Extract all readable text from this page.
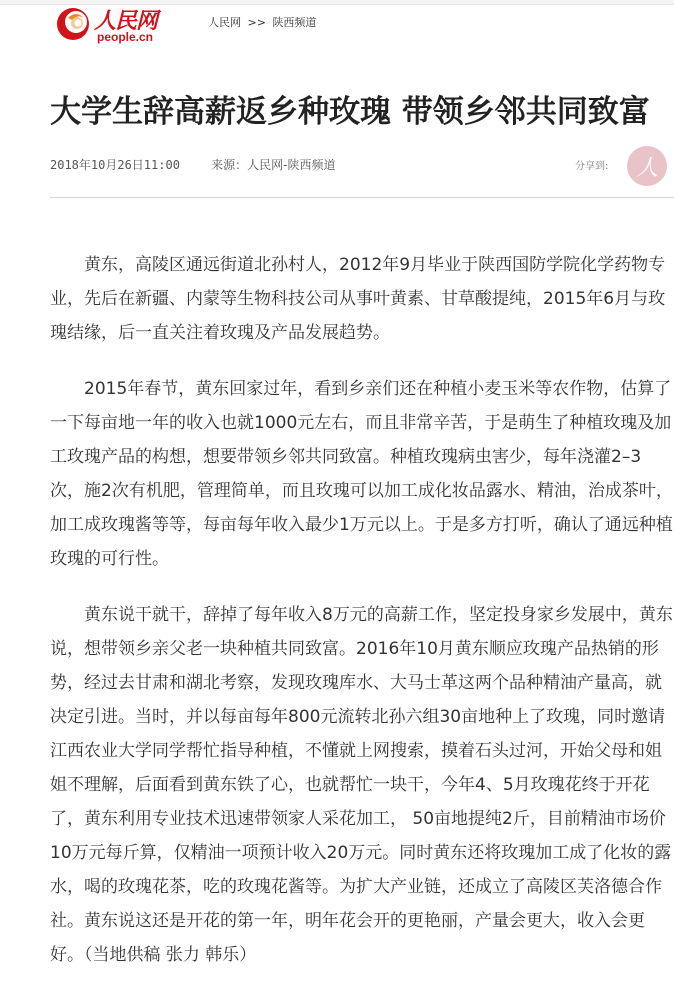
人民网
people.cn
人民网 >> 陕西频道
大学生辞高薪返乡种玫瑰 带领乡邻共同致富
2018年10月26日11:00	来源：人民网-陕西频道	分享到: 人

黄东，高陵区通远街道北孙村人，2012年9月毕业于陕西国防学院化学药物专业，先后在新疆、内蒙等生物科技公司从事叶黄素、甘草酸提纯，2015年6月与玫瑰结缘，后一直关注着玫瑰及产品发展趋势。

2015年春节，黄东回家过年，看到乡亲们还在种植小麦玉米等农作物，估算了一下每亩地一年的收入也就1000元左右，而且非常辛苦，于是萌生了种植玫瑰及加工玫瑰产品的构想，想要带领乡邻共同致富。种植玫瑰病虫害少，每年浇灌2–3次，施2次有机肥，管理简单，而且玫瑰可以加工成化妆品露水、精油，治成茶叶，加工成玫瑰酱等等，每亩每年收入最少1万元以上。于是多方打听，确认了通远种植玫瑰的可行性。

黄东说干就干，辞掉了每年收入8万元的高薪工作，坚定投身家乡发展中，黄东说，想带领乡亲父老一块种植共同致富。2016年10月黄东顺应玫瑰产品热销的形势，经过去甘肃和湖北考察，发现玫瑰库水、大马士革这两个品种精油产量高，就决定引进。当时，并以每亩每年800元流转北孙六组30亩地种上了玫瑰，同时邀请江西农业大学同学帮忙指导种植，不懂就上网搜索，摸着石头过河，开始父母和姐姐不理解，后面看到黄东铁了心，也就帮忙一块干，今年4、5月玫瑰花终于开花了，黄东利用专业技术迅速带领家人采花加工， 50亩地提纯2斤，目前精油市场价10万元每斤算，仅精油一项预计收入20万元。同时黄东还将玫瑰加工成了化妆的露水，喝的玫瑰花茶，吃的玫瑰花酱等。为扩大产业链，还成立了高陵区芙洛德合作社。黄东说这还是开花的第一年，明年花会开的更艳丽，产量会更大，收入会更好。（当地供稿 张力 韩乐）
